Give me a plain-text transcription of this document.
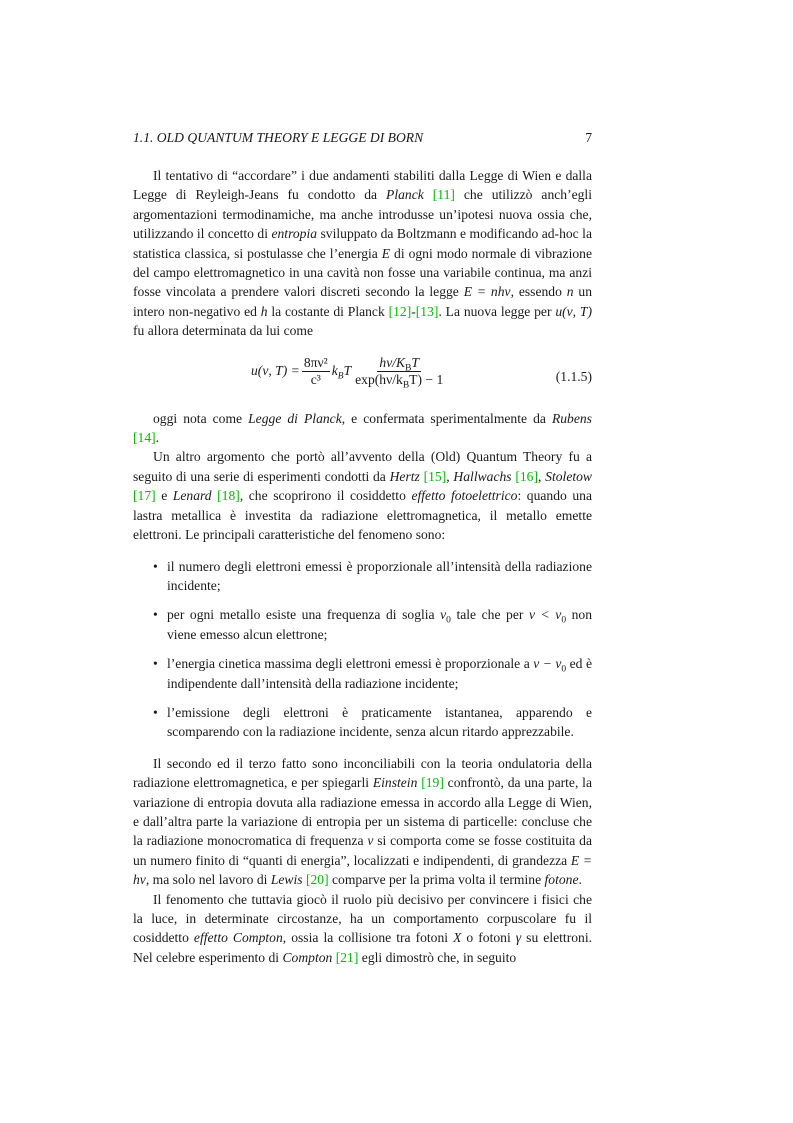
1.1. OLD QUANTUM THEORY E LEGGE DI BORN	7

Il tentativo di “accordare” i due andamenti stabiliti dalla Legge di Wien e dalla Legge di Reyleigh-Jeans fu condotto da Planck [11] che utilizzò anch’egli argomentazioni termodinamiche, ma anche introdusse un’ipotesi nuova ossia che, utilizzando il concetto di entropia sviluppato da Boltzmann e modificando ad-hoc la statistica classica, si postulasse che l’energia E di ogni modo normale di vibrazione del campo elettromagnetico in una cavità non fosse una variabile continua, ma anzi fosse vincolata a prendere valori discreti secondo la legge E = nhν, essendo n un intero non-negativo ed h la costante di Planck [12]-[13]. La nuova legge per u(ν, T) fu allora determinata da lui come

u(ν, $T) = \frac{\text{8πν²}}{\text{c³}} k_BT \frac{h\nu/K_BT}{\exp(h\nu/k_BT) - 1}$	(1.1.5)

oggi nota come Legge di Planck, e confermata sperimentalmente da Rubens [14].

Un altro argomento che portò all’avvento della (Old) Quantum Theory fu a seguito di una serie di esperimenti condotti da Hertz [15], Hallwachs [16], Stoletow [17] e Lenard [18], che scoprirono il cosiddetto effetto fotoelettrico: quando una lastra metallica è investita da radiazione elettromagnetica, il metallo emette elettroni. Le principali caratteristiche del fenomeno sono:

• il numero degli elettroni emessi è proporzionale all’intensità della radiazione incidente;
• per ogni metallo esiste una frequenza di soglia $\nu_0$ tale che per $\nu < \nu_0$ non viene emesso alcun elettrone;
• l’energia cinetica massima degli elettroni emessi è proporzionale a $\nu - \nu_0$ ed è indipendente dall’intensità della radiazione incidente;
• l’emissione degli elettroni è praticamente istantanea, apparendo e scomparendo con la radiazione incidente, senza alcun ritardo apprezzabile.

Il secondo ed il terzo fatto sono inconciliabili con la teoria ondulatoria della radiazione elettromagnetica, e per spiegarli Einstein [19] confrontò, da una parte, la variazione di entropia dovuta alla radiazione emessa in accordo alla Legge di Wien, e dall’altra parte la variazione di entropia per un sistema di particelle: concluse che la radiazione monocromatica di frequenza ν si comporta come se fosse costituita da un numero finito di “quanti di energia”, localizzati e indipendenti, di grandezza E = hν, ma solo nel lavoro di Lewis [20] comparve per la prima volta il termine fotone.

Il fenomento che tuttavia giocò il ruolo più decisivo per convincere i fisici che la luce, in determinate circostanze, ha un comportamento corpuscolare fu il cosiddetto effetto Compton, ossia la collisione tra fotoni X o fotoni γ su elettroni. Nel celebre esperimento di Compton [21] egli dimostrò che, in seguito
